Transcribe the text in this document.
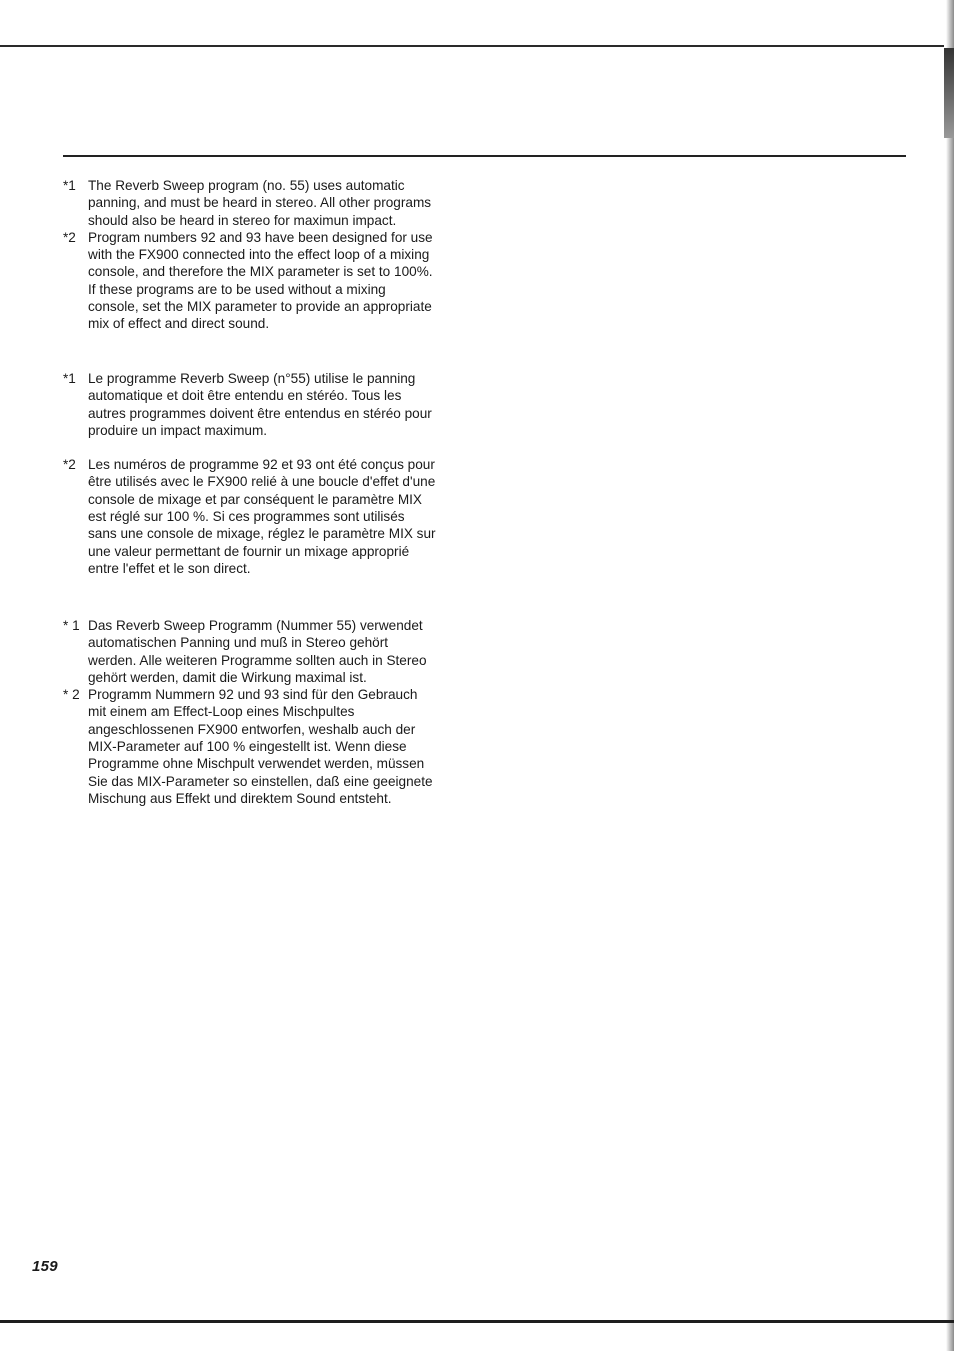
*1 The Reverb Sweep program (no. 55) uses automatic
panning, and must be heard in stereo. All other programs
should also be heard in stereo for maximun impact.
*2 Program numbers 92 and 93 have been designed for use
with the FX900 connected into the effect loop of a mixing
console, and therefore the MIX parameter is set to 100%.
If these programs are to be used without a mixing
console, set the MIX parameter to provide an appropriate
mix of effect and direct sound.
*1 Le programme Reverb Sweep (n°55) utilise le panning
automatique et doit être entendu en stéréo. Tous les
autres programmes doivent être entendus en stéréo pour
produire un impact maximum.
*2 Les numéros de programme 92 et 93 ont été conçus pour
être utilisés avec le FX900 relié à une boucle d'effet d'une
console de mixage et par conséquent le paramètre MIX
est réglé sur 100 %. Si ces programmes sont utilisés
sans une console de mixage, réglez le paramètre MIX sur
une valeur permettant de fournir un mixage approprié
entre l'effet et le son direct.
* 1 Das Reverb Sweep Programm (Nummer 55) verwendet
automatischen Panning und muß in Stereo gehört
werden. Alle weiteren Programme sollten auch in Stereo
gehört werden, damit die Wirkung maximal ist.
* 2 Programm Nummern 92 und 93 sind für den Gebrauch
mit einem am Effect-Loop eines Mischpultes
angeschlossenen FX900 entworfen, weshalb auch der
MIX-Parameter auf 100 % eingestellt ist. Wenn diese
Programme ohne Mischpult verwendet werden, müssen
Sie das MIX-Parameter so einstellen, daß eine geeignete
Mischung aus Effekt und direktem Sound entsteht.
159
